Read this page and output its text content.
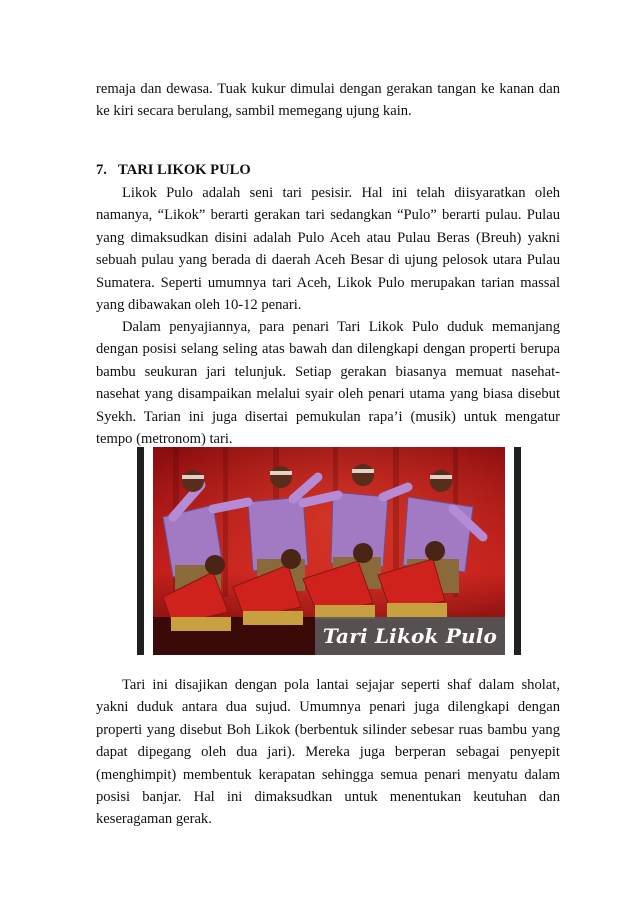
remaja dan dewasa. Tuak kukur dimulai dengan gerakan tangan ke kanan dan ke kiri secara berulang, sambil memegang ujung kain.

7. TARI LIKOK PULO

Likok Pulo adalah seni tari pesisir. Hal ini telah diisyaratkan oleh namanya, “Likok” berarti gerakan tari sedangkan “Pulo” berarti pulau. Pulau yang dimaksudkan disini adalah Pulo Aceh atau Pulau Beras (Breuh) yakni sebuah pulau yang berada di daerah Aceh Besar di ujung pelosok utara Pulau Sumatera. Seperti umumnya tari Aceh, Likok Pulo merupakan tarian massal yang dibawakan oleh 10-12 penari.

Dalam penyajiannya, para penari Tari Likok Pulo duduk memanjang dengan posisi selang seling atas bawah dan dilengkapi dengan properti berupa bambu seukuran jari telunjuk. Setiap gerakan biasanya memuat nasehat-nasehat yang disampaikan melalui syair oleh penari utama yang biasa disebut Syekh. Tarian ini juga disertai pemukulan rapa’i (musik) untuk mengatur tempo (metronom) tari.

Tari Likok Pulo

Tari ini disajikan dengan pola lantai sejajar seperti shaf dalam sholat, yakni duduk antara dua sujud. Umumnya penari juga dilengkapi dengan properti yang disebut Boh Likok (berbentuk silinder sebesar ruas bambu yang dapat dipegang oleh dua jari). Mereka juga berperan sebagai penyepit (menghimpit) membentuk kerapatan sehingga semua penari menyatu dalam posisi banjar. Hal ini dimaksudkan untuk menentukan keutuhan dan keseragaman gerak.
